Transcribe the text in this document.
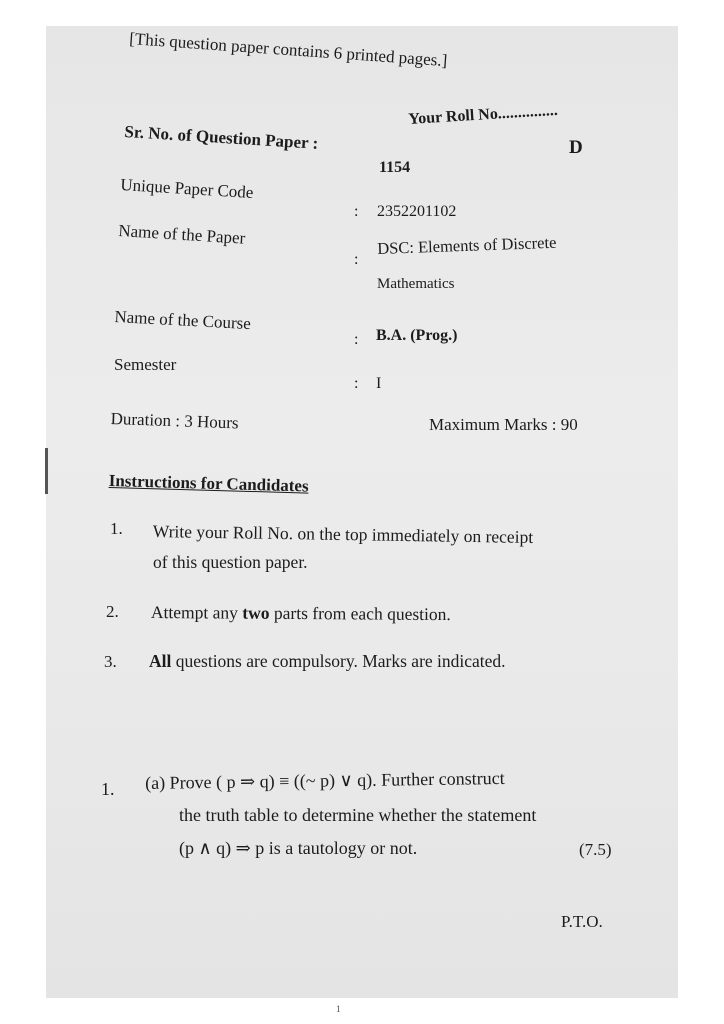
[This question paper contains 6 printed pages.]
Your Roll No...............
D
Sr. No. of Question Paper :
1154
Unique Paper Code
: 2352201102
Name of the Paper
:
DSC: Elements of Discrete
Mathematics
Name of the Course
: B.A. (Prog.)
Semester
: I
Duration : 3 Hours	Maximum Marks : 90
Instructions for Candidates
1. Write your Roll No. on the top immediately on receipt
of this question paper.
2. Attempt any two parts from each question.
3. All questions are compulsory. Marks are indicated.
1. (a) Prove ( p ⇒ q) ≡ ((~ p) ∨ q). Further construct
the truth table to determine whether the statement
(p ∧ q) ⇒ p is a tautology or not.	(7.5)
P.T.O.
1
